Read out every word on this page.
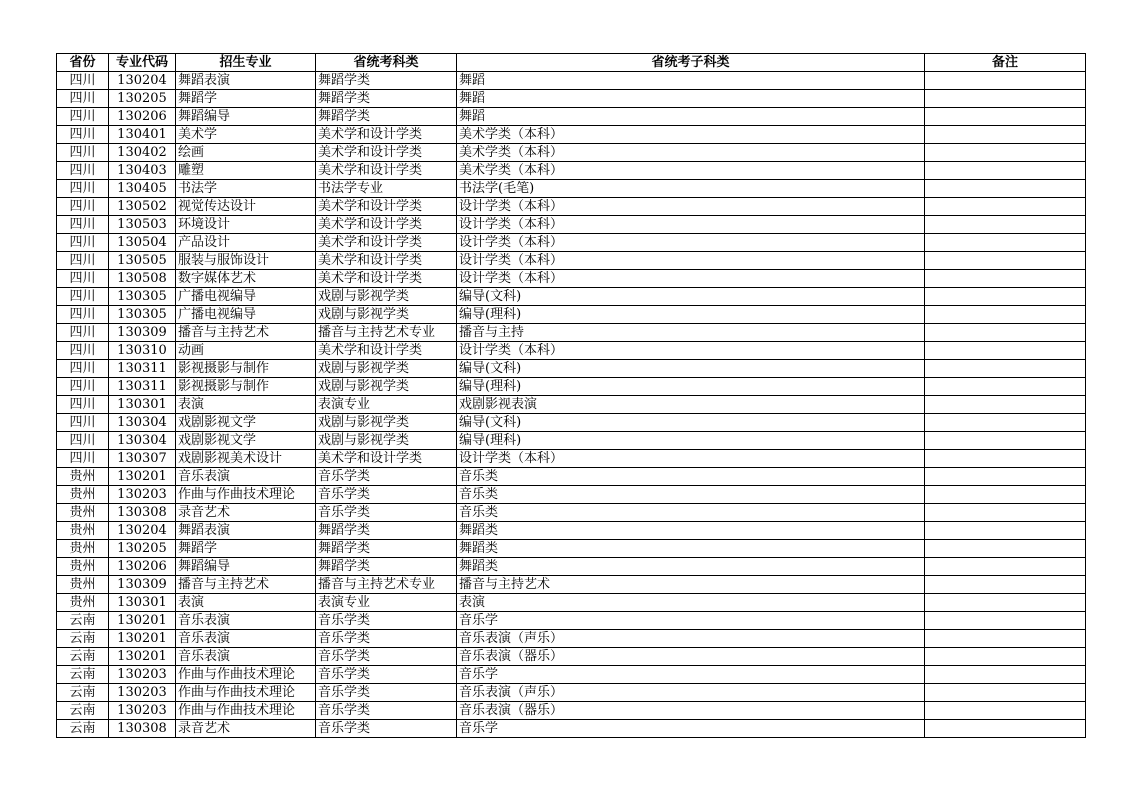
省份	专业代码	招生专业	省统考科类	省统考子科类	备注
四川	130204	舞蹈表演	舞蹈学类	舞蹈	
四川	130205	舞蹈学	舞蹈学类	舞蹈	
四川	130206	舞蹈编导	舞蹈学类	舞蹈	
四川	130401	美术学	美术学和设计学类	美术学类（本科）	
四川	130402	绘画	美术学和设计学类	美术学类（本科）	
四川	130403	雕塑	美术学和设计学类	美术学类（本科）	
四川	130405	书法学	书法学专业	书法学(毛笔)	
四川	130502	视觉传达设计	美术学和设计学类	设计学类（本科）	
四川	130503	环境设计	美术学和设计学类	设计学类（本科）	
四川	130504	产品设计	美术学和设计学类	设计学类（本科）	
四川	130505	服装与服饰设计	美术学和设计学类	设计学类（本科）	
四川	130508	数字媒体艺术	美术学和设计学类	设计学类（本科）	
四川	130305	广播电视编导	戏剧与影视学类	编导(文科)	
四川	130305	广播电视编导	戏剧与影视学类	编导(理科)	
四川	130309	播音与主持艺术	播音与主持艺术专业	播音与主持	
四川	130310	动画	美术学和设计学类	设计学类（本科）	
四川	130311	影视摄影与制作	戏剧与影视学类	编导(文科)	
四川	130311	影视摄影与制作	戏剧与影视学类	编导(理科)	
四川	130301	表演	表演专业	戏剧影视表演	
四川	130304	戏剧影视文学	戏剧与影视学类	编导(文科)	
四川	130304	戏剧影视文学	戏剧与影视学类	编导(理科)	
四川	130307	戏剧影视美术设计	美术学和设计学类	设计学类（本科）	
贵州	130201	音乐表演	音乐学类	音乐类	
贵州	130203	作曲与作曲技术理论	音乐学类	音乐类	
贵州	130308	录音艺术	音乐学类	音乐类	
贵州	130204	舞蹈表演	舞蹈学类	舞蹈类	
贵州	130205	舞蹈学	舞蹈学类	舞蹈类	
贵州	130206	舞蹈编导	舞蹈学类	舞蹈类	
贵州	130309	播音与主持艺术	播音与主持艺术专业	播音与主持艺术	
贵州	130301	表演	表演专业	表演	
云南	130201	音乐表演	音乐学类	音乐学	
云南	130201	音乐表演	音乐学类	音乐表演（声乐）	
云南	130201	音乐表演	音乐学类	音乐表演（器乐）	
云南	130203	作曲与作曲技术理论	音乐学类	音乐学	
云南	130203	作曲与作曲技术理论	音乐学类	音乐表演（声乐）	
云南	130203	作曲与作曲技术理论	音乐学类	音乐表演（器乐）	
云南	130308	录音艺术	音乐学类	音乐学	
